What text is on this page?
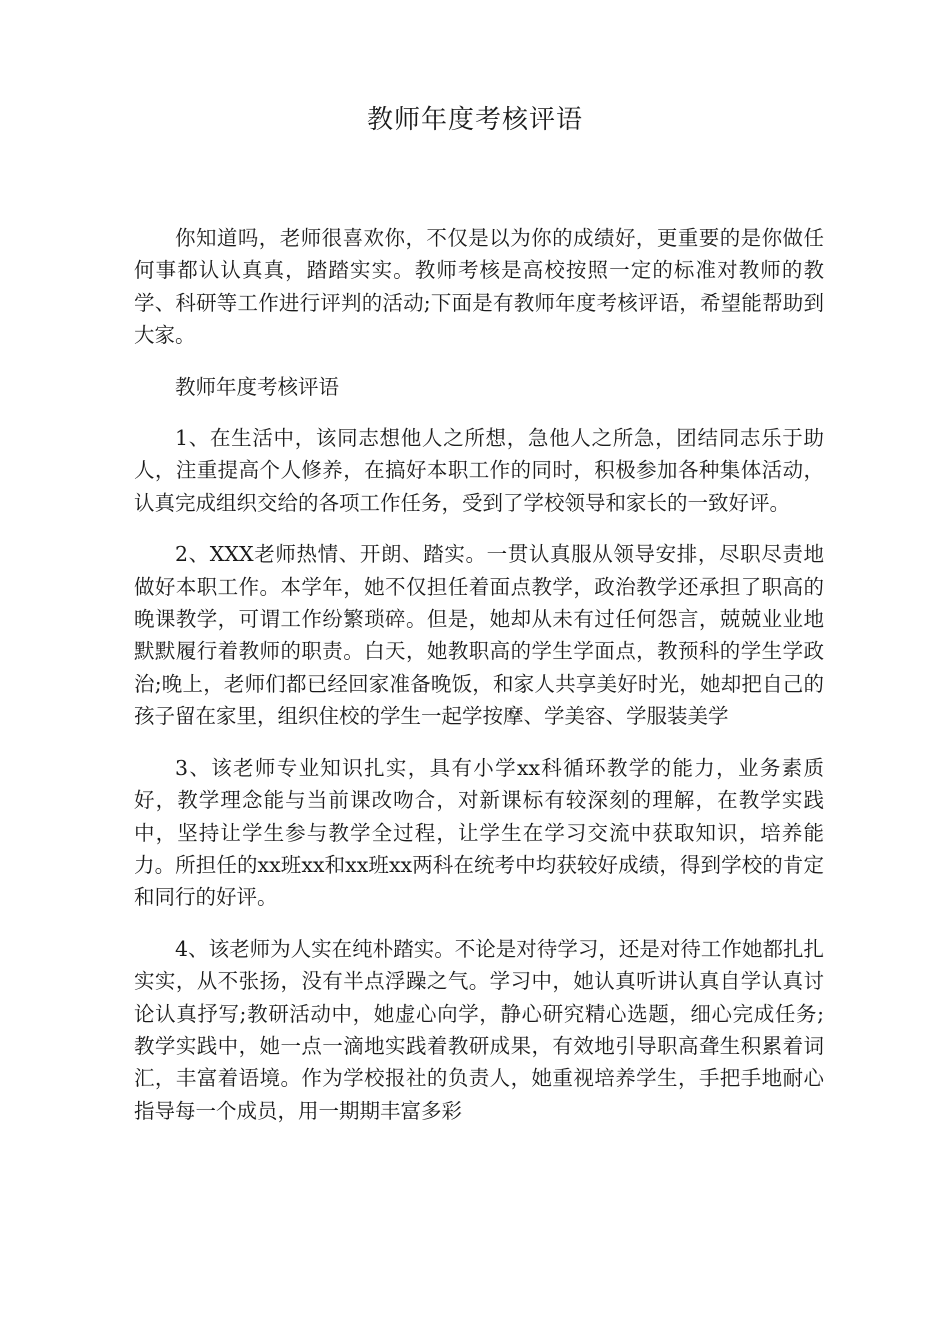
教师年度考核评语

你知道吗，老师很喜欢你，不仅是以为你的成绩好，更重要的是你做任何事都认认真真，踏踏实实。教师考核是高校按照一定的标准对教师的教学、科研等工作进行评判的活动;下面是有教师年度考核评语，希望能帮助到大家。

教师年度考核评语

1、在生活中，该同志想他人之所想，急他人之所急，团结同志乐于助人，注重提高个人修养，在搞好本职工作的同时，积极参加各种集体活动，认真完成组织交给的各项工作任务，受到了学校领导和家长的一致好评。

2、XXX老师热情、开朗、踏实。一贯认真服从领导安排，尽职尽责地做好本职工作。本学年，她不仅担任着面点教学，政治教学还承担了职高的晚课教学，可谓工作纷繁琐碎。但是，她却从未有过任何怨言，兢兢业业地默默履行着教师的职责。白天，她教职高的学生学面点，教预科的学生学政治;晚上，老师们都已经回家准备晚饭，和家人共享美好时光，她却把自己的孩子留在家里，组织住校的学生一起学按摩、学美容、学服装美学

3、该老师专业知识扎实，具有小学xx科循环教学的能力，业务素质好，教学理念能与当前课改吻合，对新课标有较深刻的理解，在教学实践中，坚持让学生参与教学全过程，让学生在学习交流中获取知识，培养能力。所担任的xx班xx和xx班xx两科在统考中均获较好成绩，得到学校的肯定和同行的好评。

4、该老师为人实在纯朴踏实。不论是对待学习，还是对待工作她都扎扎实实，从不张扬，没有半点浮躁之气。学习中，她认真听讲认真自学认真讨论认真抒写;教研活动中，她虚心向学，静心研究精心选题，细心完成任务;教学实践中，她一点一滴地实践着教研成果，有效地引导职高聋生积累着词汇，丰富着语境。作为学校报社的负责人，她重视培养学生，手把手地耐心指导每一个成员，用一期期丰富多彩
